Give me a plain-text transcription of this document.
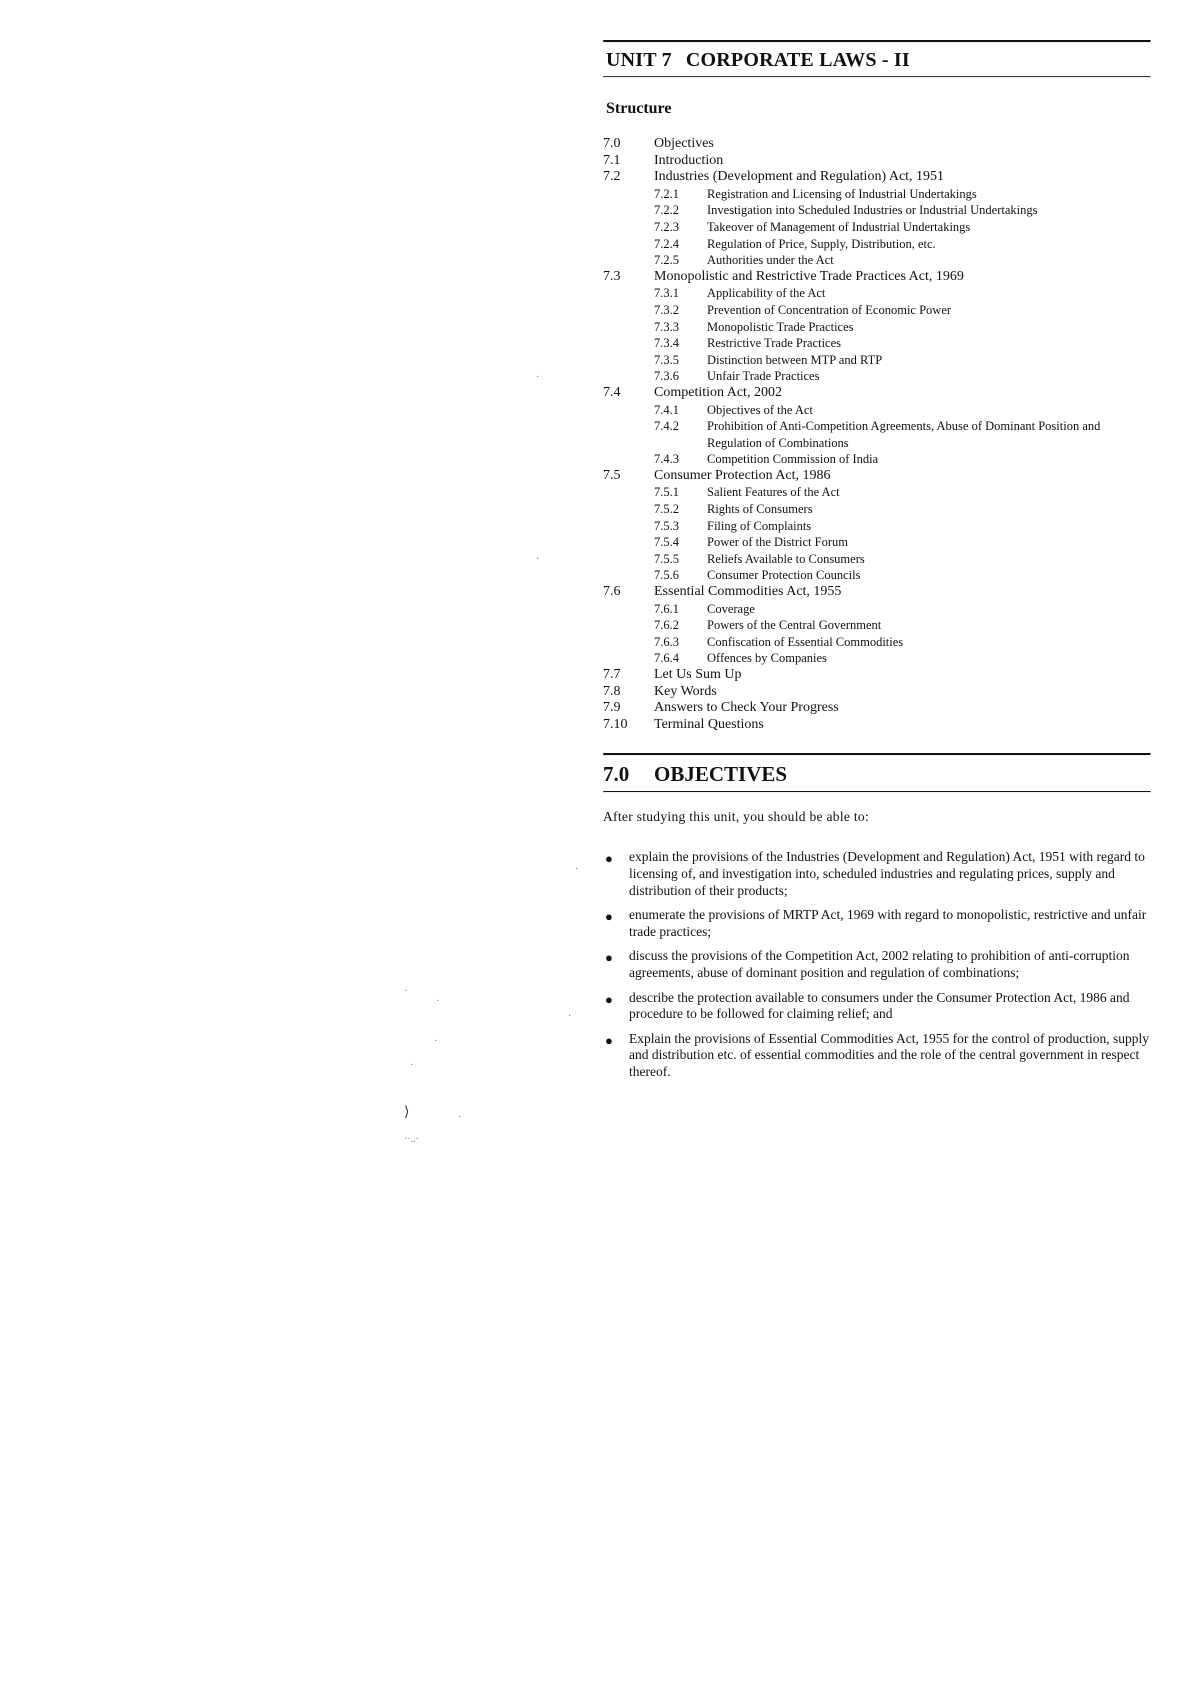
UNIT 7 CORPORATE LAWS - II
Structure
7.0	Objectives
7.1	Introduction
7.2	Industries (Development and Regulation) Act, 1951
7.2.1	Registration and Licensing of Industrial Undertakings
7.2.2	Investigation into Scheduled Industries or Industrial Undertakings
7.2.3	Takeover of Management of Industrial Undertakings
7.2.4	Regulation of Price, Supply, Distribution, etc.
7.2.5	Authorities under the Act
7.3	Monopolistic and Restrictive Trade Practices Act, 1969
7.3.1	Applicability of the Act
7.3.2	Prevention of Concentration of Economic Power
7.3.3	Monopolistic Trade Practices
7.3.4	Restrictive Trade Practices
7.3.5	Distinction between MTP and RTP
7.3.6	Unfair Trade Practices
7.4	Competition Act, 2002
7.4.1	Objectives of the Act
7.4.2	Prohibition of Anti-Competition Agreements, Abuse of Dominant Position and Regulation of Combinations
7.4.3	Competition Commission of India
7.5	Consumer Protection Act, 1986
7.5.1	Salient Features of the Act
7.5.2	Rights of Consumers
7.5.3	Filing of Complaints
7.5.4	Power of the District Forum
7.5.5	Reliefs Available to Consumers
7.5.6	Consumer Protection Councils
7.6	Essential Commodities Act, 1955
7.6.1	Coverage
7.6.2	Powers of the Central Government
7.6.3	Confiscation of Essential Commodities
7.6.4	Offences by Companies
7.7	Let Us Sum Up
7.8	Key Words
7.9	Answers to Check Your Progress
7.10	Terminal Questions
7.0 OBJECTIVES
After studying this unit, you should be able to:
● explain the provisions of the Industries (Development and Regulation) Act, 1951 with regard to licensing of, and investigation into, scheduled industries and regulating prices, supply and distribution of their products;
● enumerate the provisions of MRTP Act, 1969 with regard to monopolistic, restrictive and unfair trade practices;
● discuss the provisions of the Competition Act, 2002 relating to prohibition of anti-corruption agreements, abuse of dominant position and regulation of combinations;
● describe the protection available to consumers under the Consumer Protection Act, 1986 and procedure to be followed for claiming relief; and
● Explain the provisions of Essential Commodities Act, 1955 for the control of production, supply and distribution etc. of essential commodities and the role of the central government in respect thereof.
·
·
·
·
·
·
·
·
·
⟩
··..·
